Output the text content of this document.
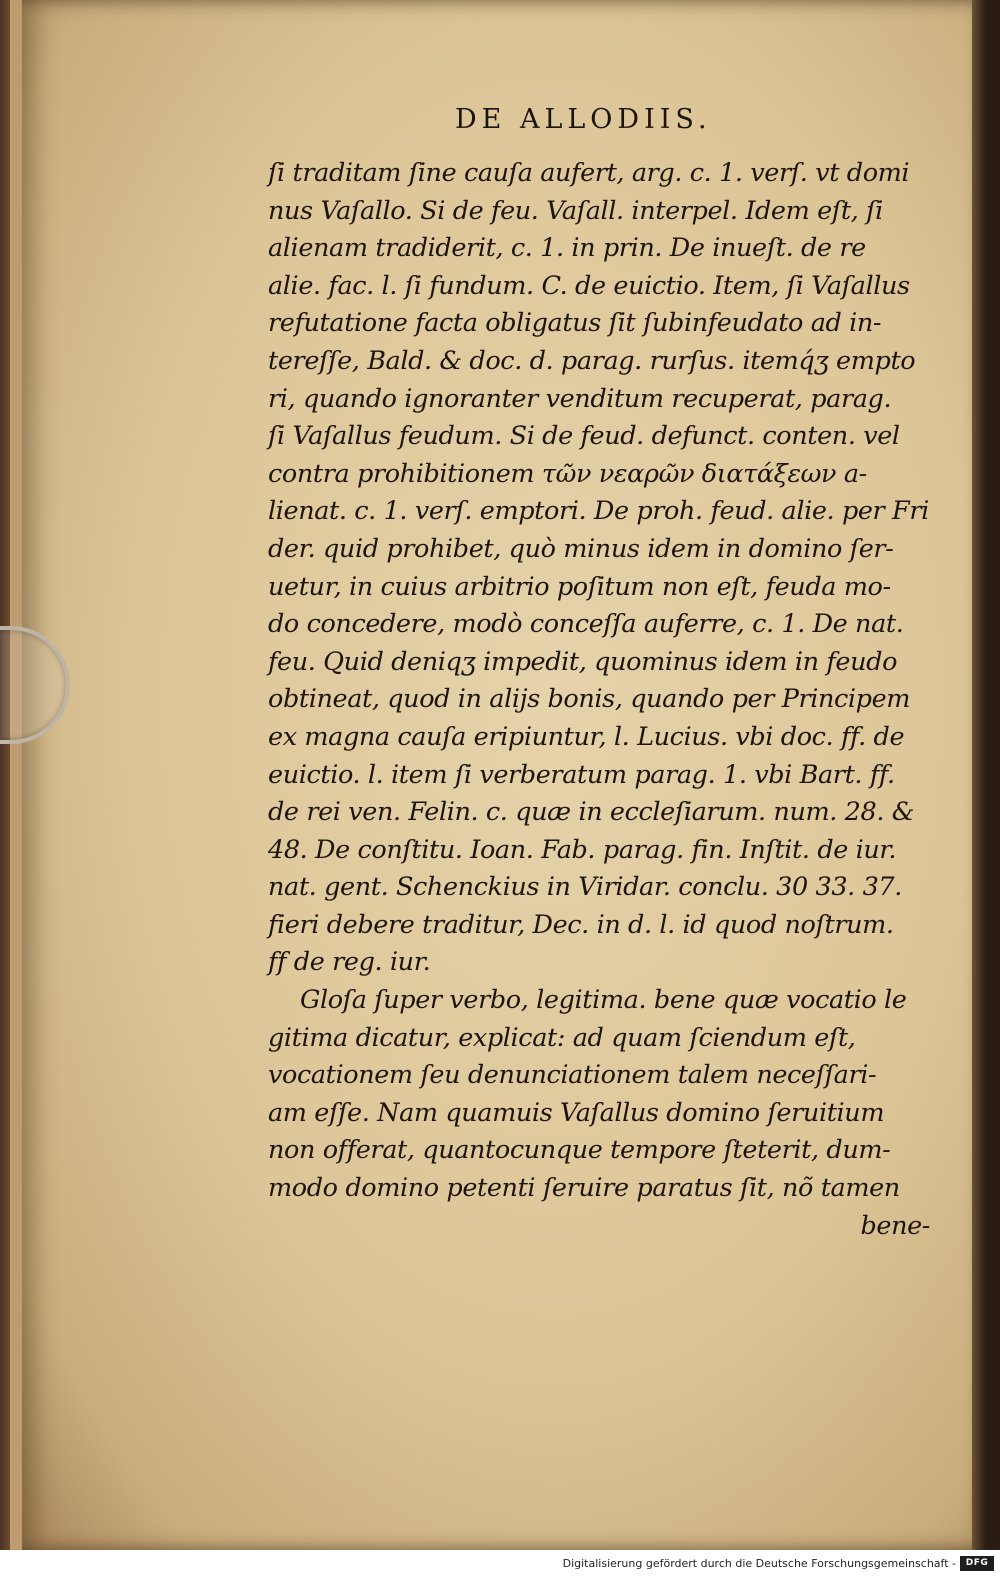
DE ALLODIIS.
ſi traditam ſine cauſa aufert, arg. c. 1. verſ. vt domi
nus Vaſallo. Si de feu. Vaſall. interpel. Idem eſt, ſi
alienam tradiderit, c. 1. in prin. De inueſt. de re
alie. fac. l. ſi fundum. C. de euictio. Item, ſi Vaſallus
refutatione facta obligatus ſit ſubinfeudato ad in-
tereſſe, Bald. & doc. d. parag. rurſus. itemq́ʒ empto
ri, quando ignoranter venditum recuperat, parag.
ſi Vaſallus feudum. Si de feud. defunct. conten. vel
contra prohibitionem τῶν νεαρῶν διατάξεων a-
lienat. c. 1. verſ. emptori. De proh. feud. alie. per Fri
der. quid prohibet, quò minus idem in domino ſer-
uetur, in cuius arbitrio poſitum non eſt, feuda mo-
do concedere, modò conceſſa auferre, c. 1. De nat.
feu. Quid deniqʒ impedit, quominus idem in feudo
obtineat, quod in alijs bonis, quando per Principem
ex magna cauſa eripiuntur, l. Lucius. vbi doc. ff. de
euictio. l. item ſi verberatum parag. 1. vbi Bart. ff.
de rei ven. Felin. c. quæ in eccleſiarum. num. 28. &
48. De conſtitu. Ioan. Fab. parag. fin. Inſtit. de iur.
nat. gent. Schenckius in Viridar. conclu. 30 33. 37.
fieri debere traditur, Dec. in d. l. id quod noſtrum.
ff de reg. iur.
Gloſa ſuper verbo, legitima. bene quæ vocatio le
gitima dicatur, explicat: ad quam ſciendum eſt,
vocationem ſeu denunciationem talem neceſſari-
am eſſe. Nam quamuis Vaſallus domino ſeruitium
non offerat, quantocunque tempore ſteterit, dum-
modo domino petenti ſeruire paratus ſit, nõ tamen
bene-
Digitalisierung gefördert durch die Deutsche Forschungsgemeinschaft -	DFG
